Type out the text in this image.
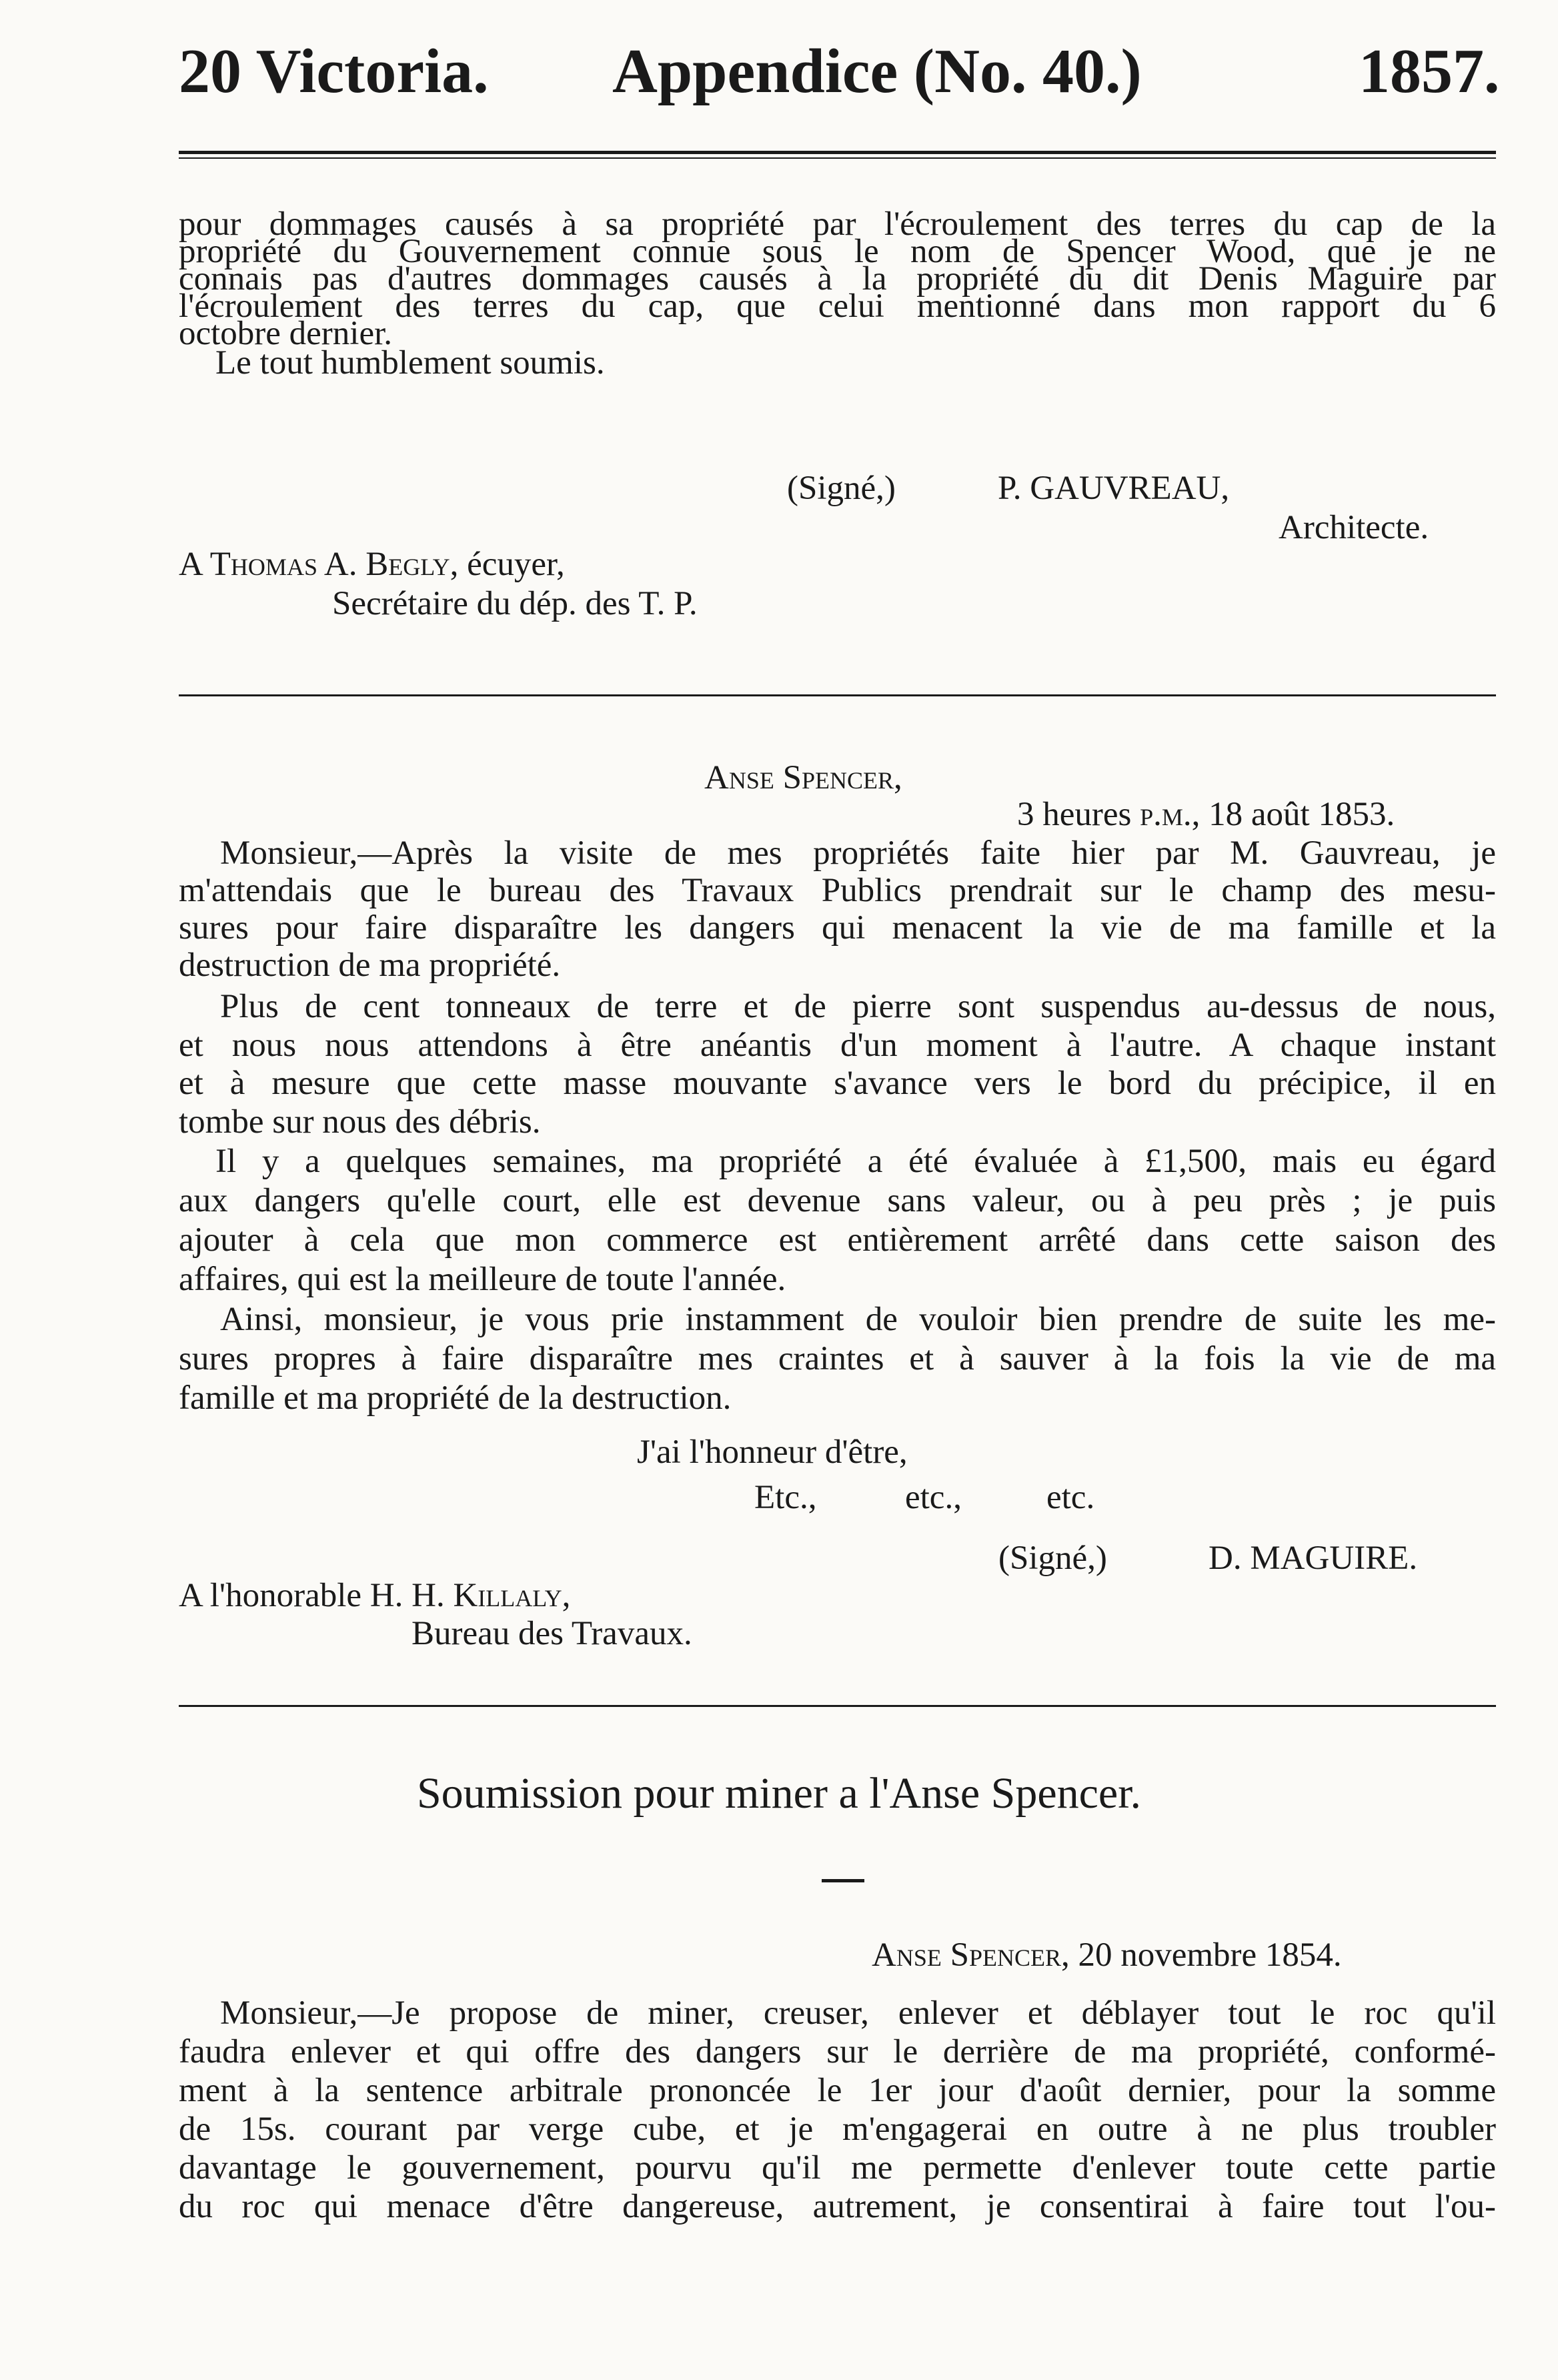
20 Victoria. Appendice (No. 40.)	1857.
pour dommages causés à sa propriété par l'écroulement des terres du cap de la
propriété du Gouvernement connue sous le nom de Spencer Wood, que je ne
connais pas d'autres dommages causés à la propriété du dit Denis Maguire par
l'écroulement des terres du cap, que celui mentionné dans mon rapport du 6
octobre dernier.
Le tout humblement soumis.
(Signé,)	P. GAUVREAU,
Architecte.
A Thomas A. Begly, écuyer,
Secrétaire du dép. des T. P.
Anse Spencer,
3 heures p.m., 18 août 1853.
Monsieur,—Après la visite de mes propriétés faite hier par M. Gauvreau, je
m'attendais que le bureau des Travaux Publics prendrait sur le champ des mesu-
sures pour faire disparaître les dangers qui menacent la vie de ma famille et la
destruction de ma propriété.
Plus de cent tonneaux de terre et de pierre sont suspendus au-dessus de nous,
et nous nous attendons à être anéantis d'un moment à l'autre. A chaque instant
et à mesure que cette masse mouvante s'avance vers le bord du précipice, il en
tombe sur nous des débris.
Il y a quelques semaines, ma propriété a été évaluée à £1,500, mais eu égard
aux dangers qu'elle court, elle est devenue sans valeur, ou à peu près ; je puis
ajouter à cela que mon commerce est entièrement arrêté dans cette saison des
affaires, qui est la meilleure de toute l'année.
Ainsi, monsieur, je vous prie instamment de vouloir bien prendre de suite les me-
sures propres à faire disparaître mes craintes et à sauver à la fois la vie de ma
famille et ma propriété de la destruction.
J'ai l'honneur d'être,
Etc.,	etc., etc.
(Signé,)	D. MAGUIRE.
A l'honorable H. H. Killaly,
Bureau des Travaux.
Soumission pour miner a l'Anse Spencer.
Anse Spencer, 20 novembre 1854.
Monsieur,—Je propose de miner, creuser, enlever et déblayer tout le roc qu'il
faudra enlever et qui offre des dangers sur le derrière de ma propriété, conformé-
ment à la sentence arbitrale prononcée le 1er jour d'août dernier, pour la somme
de 15s. courant par verge cube, et je m'engagerai en outre à ne plus troubler
davantage le gouvernement, pourvu qu'il me permette d'enlever toute cette partie
du roc qui menace d'être dangereuse, autrement, je consentirai à faire tout l'ou-
